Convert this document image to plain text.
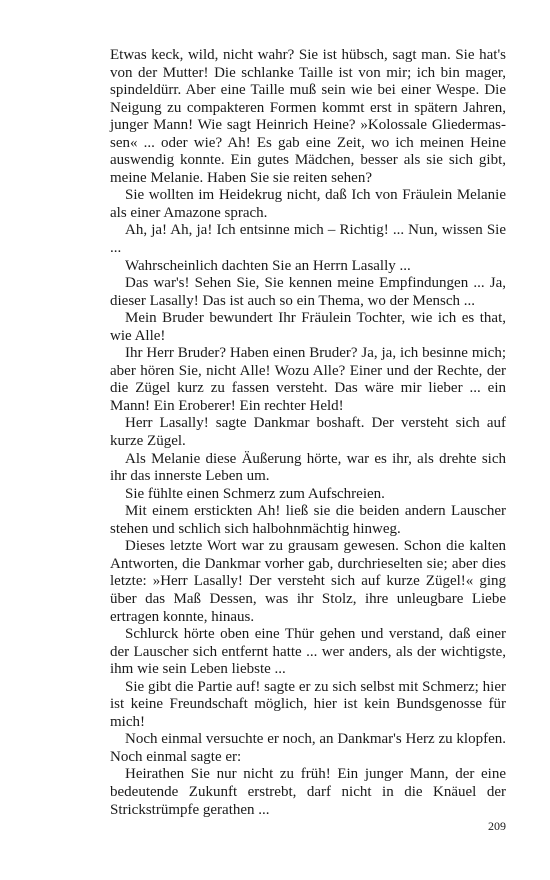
Etwas keck, wild, nicht wahr? Sie ist hübsch, sagt man. Sie hat's von der Mutter! Die schlanke Taille ist von mir; ich bin mager, spindeldürr. Aber eine Taille muß sein wie bei einer Wespe. Die Neigung zu compakteren Formen kommt erst in spätern Jahren, junger Mann! Wie sagt Heinrich Heine? »Kolossale Gliedermassen« ... oder wie? Ah! Es gab eine Zeit, wo ich meinen Heine auswendig konnte. Ein gutes Mädchen, besser als sie sich gibt, meine Melanie. Haben Sie sie reiten sehen?

Sie wollten im Heidekrug nicht, daß Ich von Fräulein Melanie als einer Amazone sprach.

Ah, ja! Ah, ja! Ich entsinne mich – Richtig! ... Nun, wissen Sie ...

Wahrscheinlich dachten Sie an Herrn Lasally ...

Das war's! Sehen Sie, Sie kennen meine Empfindungen ... Ja, dieser Lasally! Das ist auch so ein Thema, wo der Mensch ...

Mein Bruder bewundert Ihr Fräulein Tochter, wie ich es that, wie Alle!

Ihr Herr Bruder? Haben einen Bruder? Ja, ja, ich besinne mich; aber hören Sie, nicht Alle! Wozu Alle? Einer und der Rechte, der die Zügel kurz zu fassen versteht. Das wäre mir lieber ... ein Mann! Ein Eroberer! Ein rechter Held!

Herr Lasally! sagte Dankmar boshaft. Der versteht sich auf kurze Zügel.

Als Melanie diese Äußerung hörte, war es ihr, als drehte sich ihr das innerste Leben um.

Sie fühlte einen Schmerz zum Aufschreien.

Mit einem erstickten Ah! ließ sie die beiden andern Lauscher stehen und schlich sich halbohnmächtig hinweg.

Dieses letzte Wort war zu grausam gewesen. Schon die kalten Antworten, die Dankmar vorher gab, durchrieselten sie; aber dies letzte: »Herr Lasally! Der versteht sich auf kurze Zügel!« ging über das Maß Dessen, was ihr Stolz, ihre unleugbare Liebe ertragen konnte, hinaus.

Schlurck hörte oben eine Thür gehen und verstand, daß einer der Lauscher sich entfernt hatte ... wer anders, als der wichtigste, ihm wie sein Leben liebste ...

Sie gibt die Partie auf! sagte er zu sich selbst mit Schmerz; hier ist keine Freundschaft möglich, hier ist kein Bundsgenosse für mich!

Noch einmal versuchte er noch, an Dankmar's Herz zu klopfen. Noch einmal sagte er:

Heirathen Sie nur nicht zu früh! Ein junger Mann, der eine bedeutende Zukunft erstrebt, darf nicht in die Knäuel der Strickstrümpfe gerathen ...

209
